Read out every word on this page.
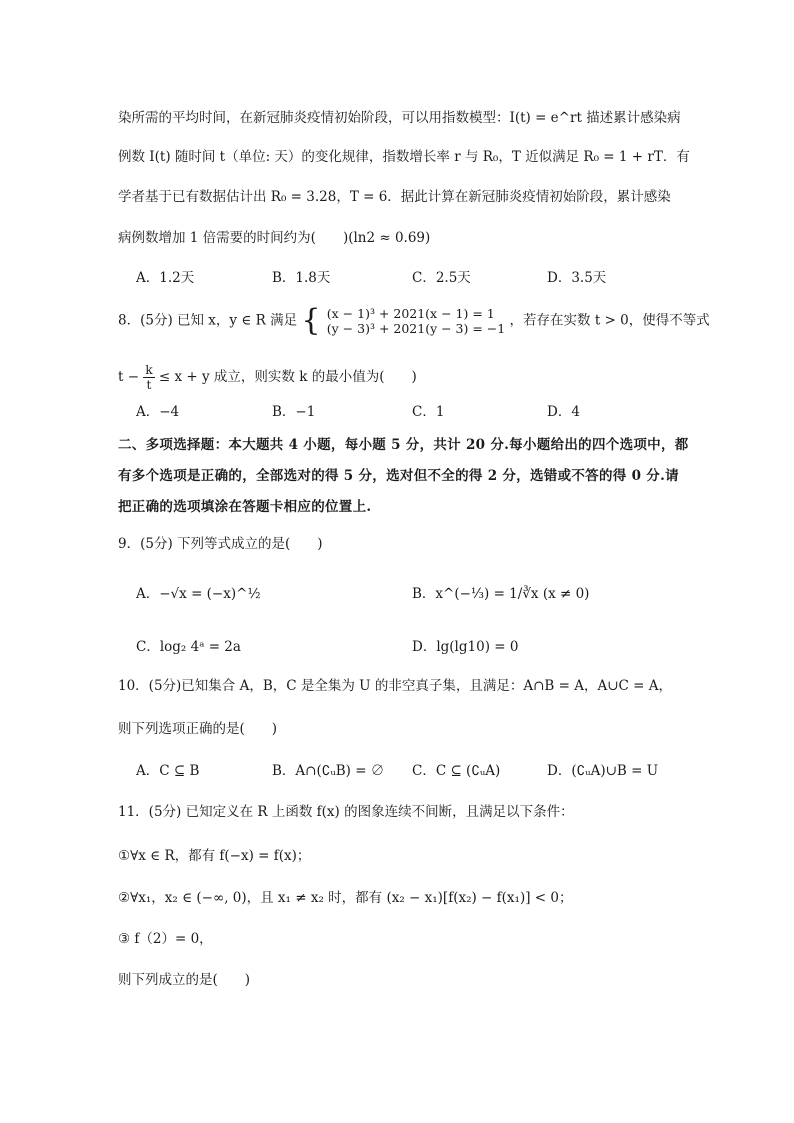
染所需的平均时间，在新冠肺炎疫情初始阶段，可以用指数模型：I(t) = e^rt 描述累计感染病
例数 I(t) 随时间 t（单位: 天）的变化规律，指数增长率 r 与 R₀，T 近似满足 R₀ = 1 + rT．有
学者基于已有数据估计出 R₀ = 3.28，T = 6．据此计算在新冠肺炎疫情初始阶段，累计感染
病例数增加 1 倍需要的时间约为(　　)(ln2 ≈ 0.69)
A．1.2天	B．1.8天	C．2.5天	D．3.5天
8．(5分) 已知 x，y ∈ R 满足 { (x − 1)³ + 2021(x − 1) = 1
(y − 3)³ + 2021(y − 3) = −1 ，若存在实数 t > 0，使得不等式
$t - \frac{k}{t} \le x + y$ 成立，则实数 k 的最小值为(　　)
A．−4	B．−1	C．1	D．4
二、多项选择题：本大题共 4 小题，每小题 5 分，共计 20 分.每小题给出的四个选项中，都
有多个选项是正确的，全部选对的得 5 分，选对但不全的得 2 分，选错或不答的得 0 分.请
把正确的选项填涂在答题卡相应的位置上.
9．(5分) 下列等式成立的是(　　)
A．−√x = (−x)^½	B．x^(−⅓) = 1/∛x (x ≠ 0)
C．log₂ 4ᵃ = 2a	D．lg(lg10) = 0
10．(5分)已知集合 A，B，C 是全集为 U 的非空真子集，且满足：A∩B = A，A∪C = A，
则下列选项正确的是(　　)
A．C ⊆ B	B．A∩(∁ᵤB) = ∅ C．C ⊆ (∁ᵤA)	D．(∁ᵤA)∪B = U
11．(5分) 已知定义在 R 上函数 f(x) 的图象连续不间断，且满足以下条件：
①∀x ∈ R，都有 f(−x) = f(x)；
②∀x₁，x₂ ∈ (−∞, 0)，且 x₁ ≠ x₂ 时，都有 (x₂ − x₁)[f(x₂) − f(x₁)] < 0；
③ f（2）= 0，
则下列成立的是(　　)
